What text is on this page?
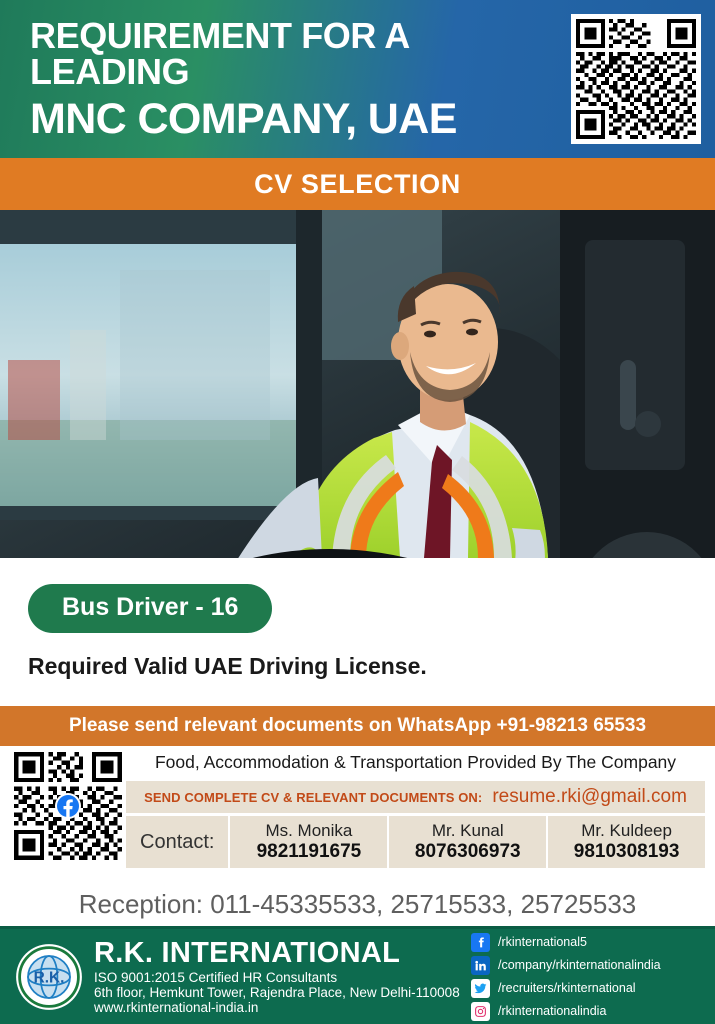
REQUIREMENT FOR A LEADING
MNC COMPANY, UAE
CV SELECTION
Bus Driver - 16
Required Valid UAE Driving License.
Please send relevant documents on WhatsApp +91-98213 65533
Food, Accommodation & Transportation Provided By The Company
SEND COMPLETE CV & RELEVANT DOCUMENTS ON: resume.rki@gmail.com
Contact:	Ms. Monika
9821191675
Mr. Kunal
8076306973
Mr. Kuldeep
9810308193
Reception: 011-45335533, 25715533, 25725533
R.K.
R.K. INTERNATIONAL
ISO 9001:2015 Certified HR Consultants
6th floor, Hemkunt Tower, Rajendra Place, New Delhi-110008
www.rkinternational-india.in
/rkinternational5
/company/rkinternationalindia
/recruiters/rkinternational
/rkinternationalindia
